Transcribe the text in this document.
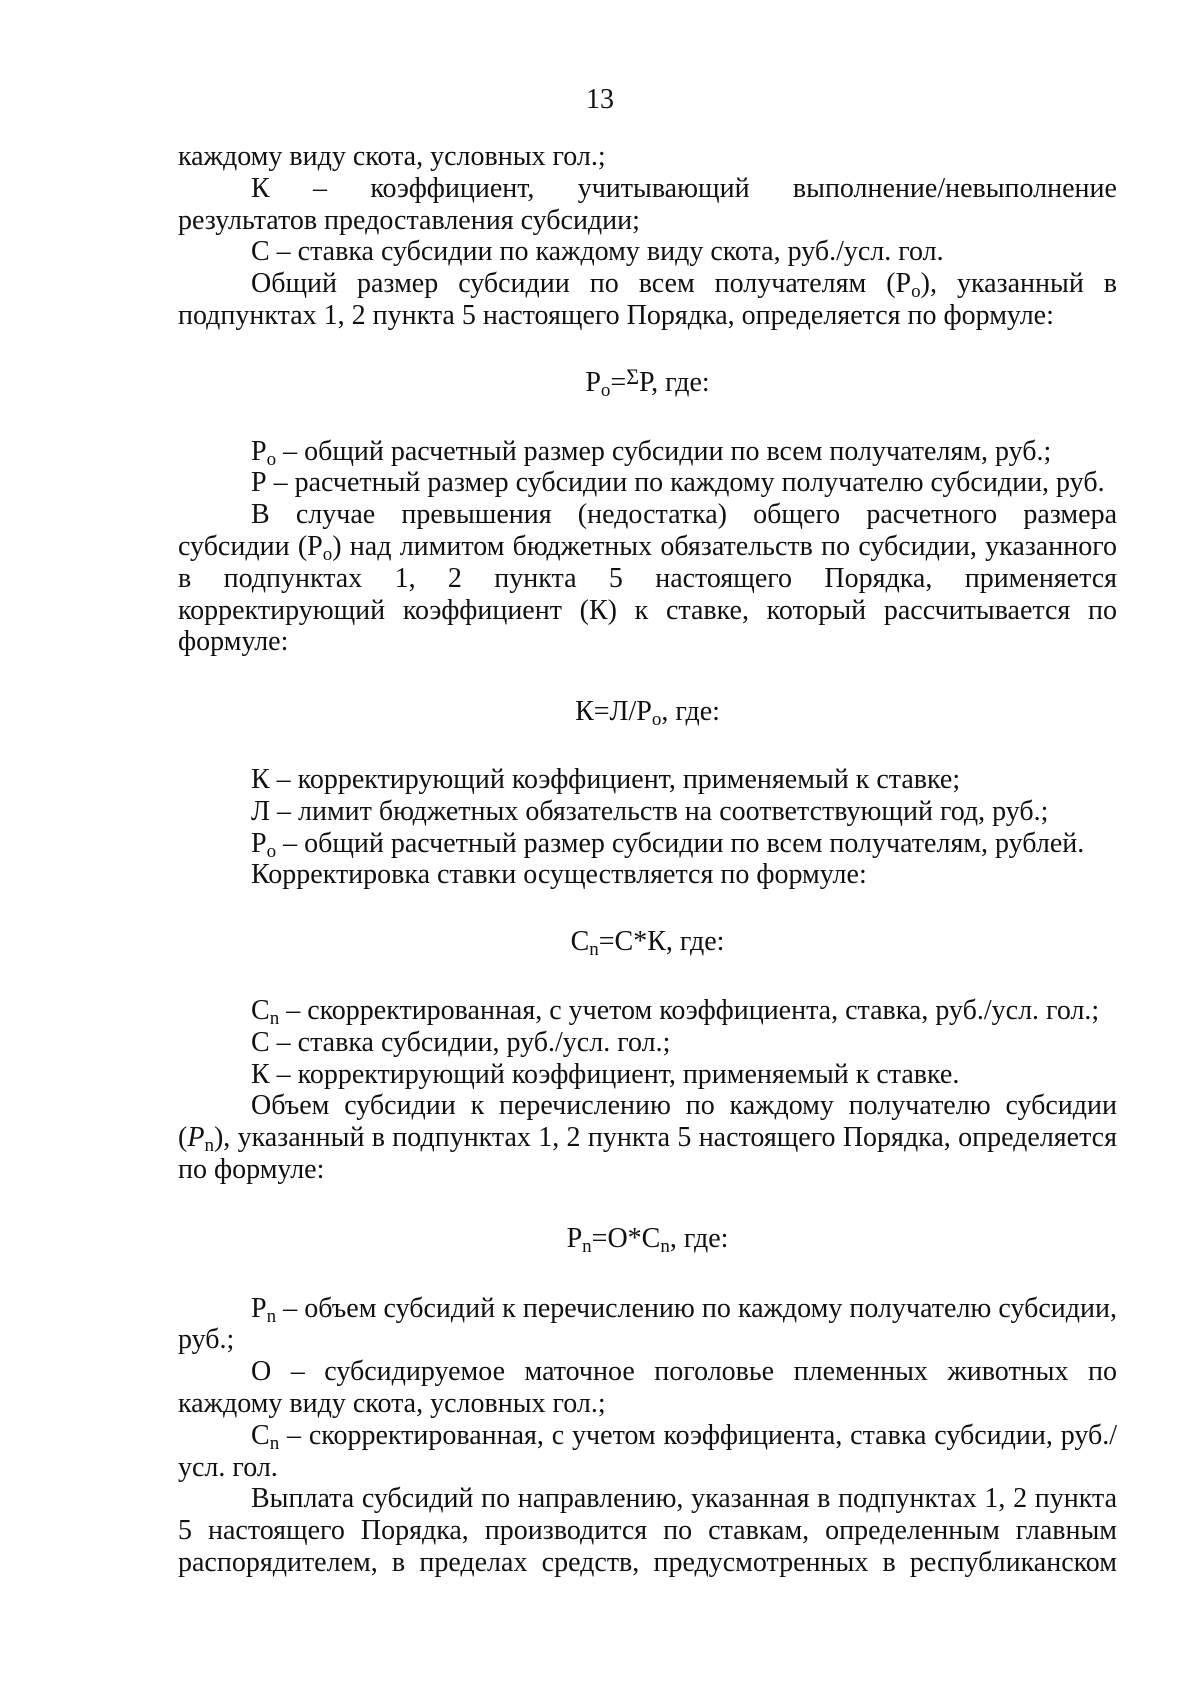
13

каждому виду скота, условных гол.;

К – коэффициент, учитывающий выполнение/невыполнение

результатов предоставления субсидии;

С – ставка субсидии по каждому виду скота, руб./усл. гол.

Общий размер субсидии по всем получателям $(Р_о)$, указанный в подпунктах 1, 2 пункта 5 настоящего Порядка, определяется по формуле:

$Р_о=^\Sigma Р$, где:

$Р_о$ – общий расчетный размер субсидии по всем получателям, руб.;

Р – расчетный размер субсидии по каждому получателю субсидии, руб.

В случае превышения (недостатка) общего расчетного размера субсидии $(Р_о)$ над лимитом бюджетных обязательств по субсидии, указанного в подпунктах 1, 2 пункта 5 настоящего Порядка, применяется корректирующий коэффициент (К) к ставке, который рассчитывается по формуле:

$К=Л/Р_о$, где:

К – корректирующий коэффициент, применяемый к ставке;

Л – лимит бюджетных обязательств на соответствующий год, руб.;

$Р_о$ – общий расчетный размер субсидии по всем получателям, рублей.

Корректировка ставки осуществляется по формуле:

$С_n=С*К$, где:

$С_n$ – скорректированная, с учетом коэффициента, ставка, руб./усл. гол.;

С – ставка субсидии, руб./усл. гол.;

К – корректирующий коэффициент, применяемый к ставке.

Объем субсидии к перечислению по каждому получателю субсидии $(Р_n)$, указанный в подпунктах 1, 2 пункта 5 настоящего Порядка, определяется по формуле:

$Р_n=О*С_n$, где:

$Р_n$ – объем субсидий к перечислению по каждому получателю субсидии, руб.;

О – субсидируемое маточное поголовье племенных животных по каждому виду скота, условных гол.;

$С_n$ – скорректированная, с учетом коэффициента, ставка субсидии, руб./усл. гол.

Выплата субсидий по направлению, указанная в подпунктах 1, 2 пункта 5 настоящего Порядка, производится по ставкам, определенным главным распорядителем, в пределах средств, предусмотренных в республиканском
